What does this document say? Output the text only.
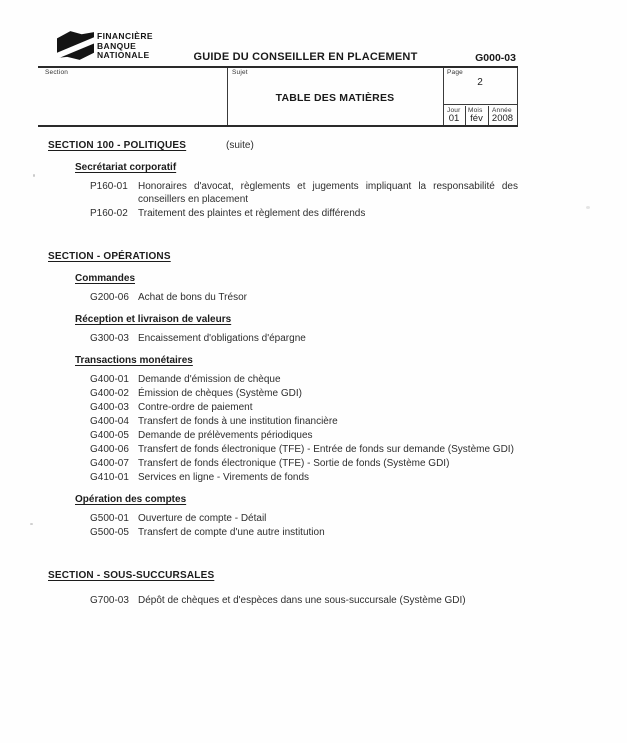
FINANCIÈRE
BANQUE
NATIONALE	GUIDE DU CONSEILLER EN PLACEMENT	G000-03
Section	Sujet
TABLE DES MATIÈRES
Page
2
Jour Mois Année
01	fév 2008
SECTION 100 - POLITIQUES	(suite)
Secrétariat corporatif
P160-01	Honoraires d'avocat, règlements et jugements impliquant la responsabilité des conseillers en placement
P160-02	Traitement des plaintes et règlement des différends
SECTION - OPÉRATIONS
Commandes
G200-06 Achat de bons du Trésor
Réception et livraison de valeurs
G300-03 Encaissement d'obligations d'épargne
Transactions monétaires
G400-01 Demande d'émission de chèque
G400-02 Émission de chèques (Système GDI)
G400-03 Contre-ordre de paiement
G400-04 Transfert de fonds à une institution financière
G400-05 Demande de prélèvements périodiques
G400-06 Transfert de fonds électronique (TFE) - Entrée de fonds sur demande (Système GDI)
G400-07 Transfert de fonds électronique (TFE) - Sortie de fonds (Système GDI)
G410-01 Services en ligne - Virements de fonds
Opération des comptes
G500-01 Ouverture de compte - Détail
G500-05 Transfert de compte d'une autre institution
SECTION - SOUS-SUCCURSALES
G700-03 Dépôt de chèques et d'espèces dans une sous-succursale (Système GDI)
